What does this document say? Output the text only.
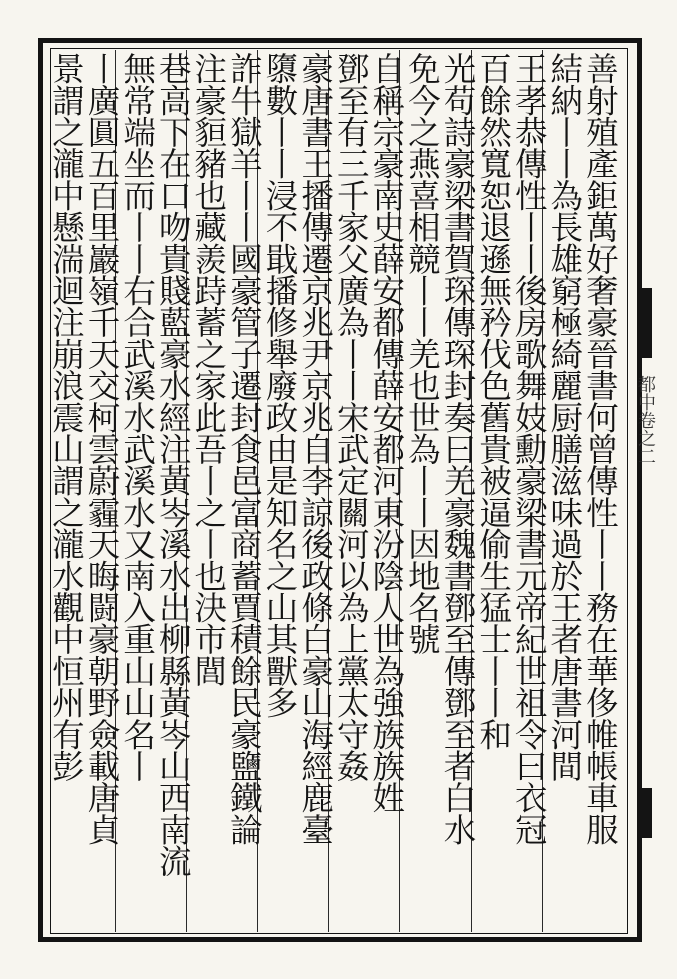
都中卷之二
善射殖產鉅萬好奢豪晉書何曾傳性丨丨務在華侈帷帳車服
結納丨丨為長雄窮極綺麗厨膳滋味過於王者唐書河間
王孝恭傳性丨丨後房歌舞妓勳豪梁書元帝紀世祖令曰衣冠
百餘然寬恕退遜無矜伐色舊貴被逼偷生猛士丨丨和
光苟詩豪梁書賀琛傳琛封奏曰羌豪魏書鄧至傳鄧至者白水
免今之燕喜相競丨丨羌也世為丨丨因地名號
自稱宗豪南史薛安都傳薛安都河東汾陰人世為強族族姓
鄧至有三千家父廣為丨丨宋武定關河以為上黨太守姦
豪唐書王播傳遷京兆尹京兆自李諒後政條白豪山海經鹿臺
隳數丨丨浸不戢播修舉廢政由是知名之山其獸多
詐牛獄羊丨丨國豪管子遷封食邑富商蓄賈積餘民豪鹽鐵論
注豪貆豬也藏羨跱蓄之家此吾丨之丨也決市閭
巷高下在口吻貴賤藍豪水經注黃岑溪水出柳縣黃岑山西南流
無常端坐而丨丨右合武溪水武溪水又南入重山山名丨
丨廣圓五百里巖嶺千天交柯雲蔚霾天晦闘豪朝野僉載唐貞
景謂之瀧中懸湍迴注崩浪震山謂之瀧水觀中恒州有彭
